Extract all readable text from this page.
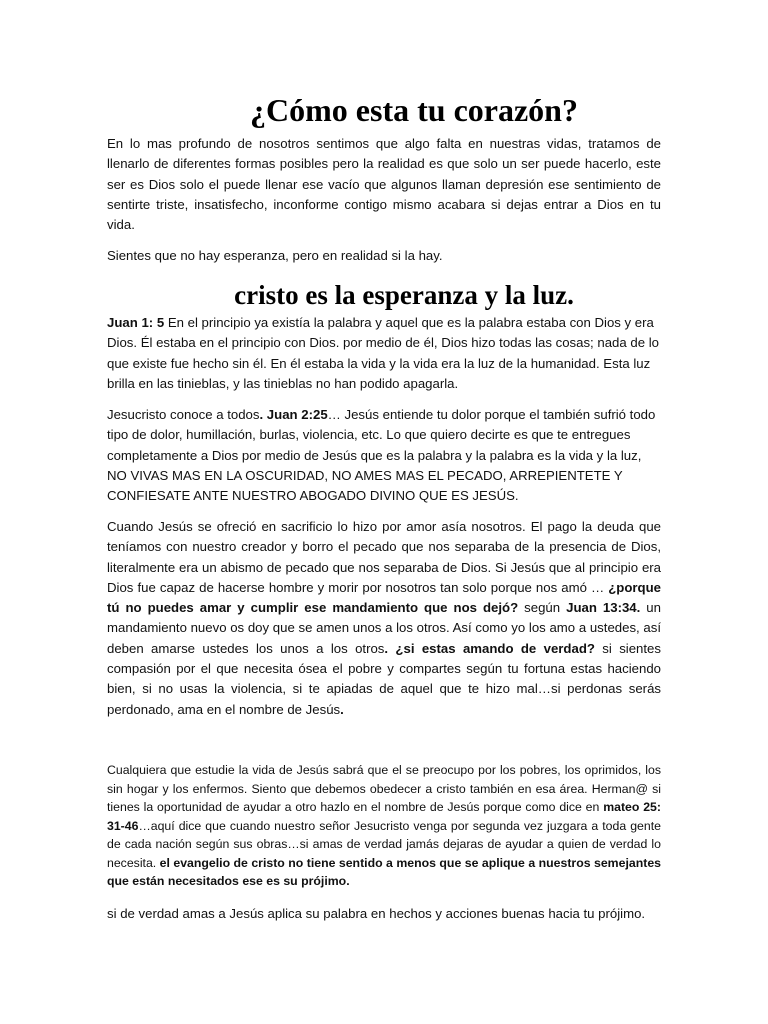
¿Cómo esta tu corazón?

En lo mas profundo de nosotros sentimos que algo falta en nuestras vidas, tratamos de llenarlo de diferentes formas posibles pero la realidad es que solo un ser puede hacerlo, este ser es Dios solo el puede llenar ese vacío que algunos llaman depresión ese sentimiento de sentirte triste, insatisfecho, inconforme contigo mismo acabara si dejas entrar a Dios en tu vida.

Sientes que no hay esperanza, pero en realidad si la hay.

cristo es la esperanza y la luz.

Juan 1: 5 En el principio ya existía la palabra y aquel que es la palabra estaba con Dios y era Dios. Él estaba en el principio con Dios. por medio de él, Dios hizo todas las cosas; nada de lo que existe fue hecho sin él. En él estaba la vida y la vida era la luz de la humanidad. Esta luz brilla en las tinieblas, y las tinieblas no han podido apagarla.

Jesucristo conoce a todos. Juan 2:25… Jesús entiende tu dolor porque el también sufrió todo tipo de dolor, humillación, burlas, violencia, etc. Lo que quiero decirte es que te entregues completamente a Dios por medio de Jesús que es la palabra y la palabra es la vida y la luz, NO VIVAS MAS EN LA OSCURIDAD, NO AMES MAS EL PECADO, ARREPIENTETE Y CONFIESATE ANTE NUESTRO ABOGADO DIVINO QUE ES JESÚS.

Cuando Jesús se ofreció en sacrificio lo hizo por amor asía nosotros. El pago la deuda que teníamos con nuestro creador y borro el pecado que nos separaba de la presencia de Dios, literalmente era un abismo de pecado que nos separaba de Dios. Si Jesús que al principio era Dios fue capaz de hacerse hombre y morir por nosotros tan solo porque nos amó … ¿porque tú no puedes amar y cumplir ese mandamiento que nos dejó? según Juan 13:34. un mandamiento nuevo os doy que se amen unos a los otros. Así como yo los amo a ustedes, así deben amarse ustedes los unos a los otros. ¿si estas amando de verdad? si sientes compasión por el que necesita ósea el pobre y compartes según tu fortuna estas haciendo bien, si no usas la violencia, si te apiadas de aquel que te hizo mal…si perdonas serás perdonado, ama en el nombre de Jesús.

Cualquiera que estudie la vida de Jesús sabrá que el se preocupo por los pobres, los oprimidos, los sin hogar y los enfermos. Siento que debemos obedecer a cristo también en esa área. Herman@ si tienes la oportunidad de ayudar a otro hazlo en el nombre de Jesús porque como dice en mateo 25: 31-46…aquí dice que cuando nuestro señor Jesucristo venga por segunda vez juzgara a toda gente de cada nación según sus obras…si amas de verdad jamás dejaras de ayudar a quien de verdad lo necesita. el evangelio de cristo no tiene sentido a menos que se aplique a nuestros semejantes que están necesitados ese es su prójimo.

si de verdad amas a Jesús aplica su palabra en hechos y acciones buenas hacia tu prójimo.
